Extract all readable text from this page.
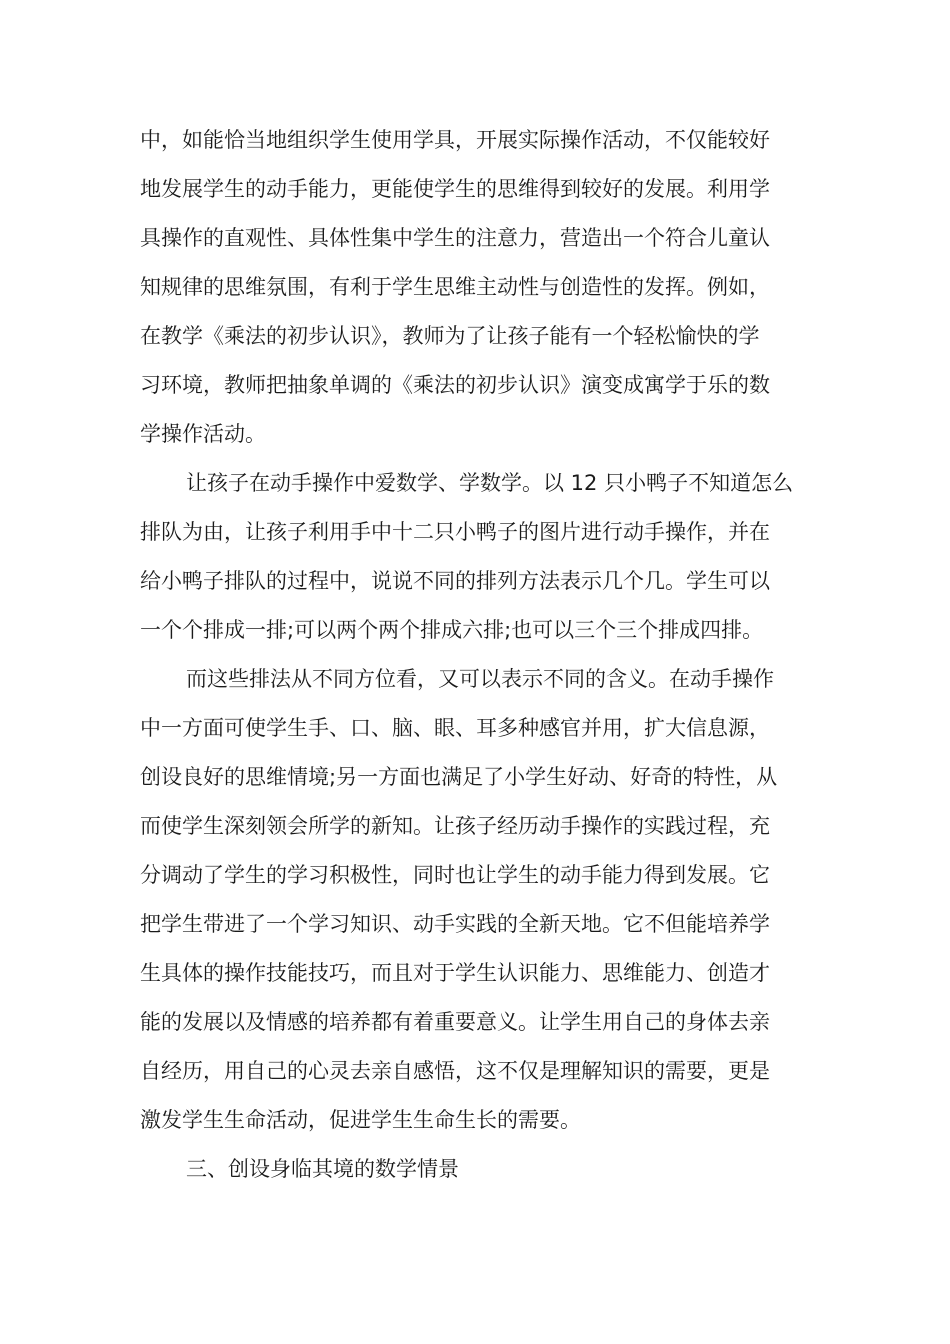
中，如能恰当地组织学生使用学具，开展实际操作活动，不仅能较好
地发展学生的动手能力，更能使学生的思维得到较好的发展。利用学
具操作的直观性、具体性集中学生的注意力，营造出一个符合儿童认
知规律的思维氛围，有利于学生思维主动性与创造性的发挥。例如，
在教学《乘法的初步认识》，教师为了让孩子能有一个轻松愉快的学
习环境，教师把抽象单调的《乘法的初步认识》演变成寓学于乐的数
学操作活动。
让孩子在动手操作中爱数学、学数学。以 12 只小鸭子不知道怎么
排队为由，让孩子利用手中十二只小鸭子的图片进行动手操作，并在
给小鸭子排队的过程中，说说不同的排列方法表示几个几。学生可以
一个个排成一排;可以两个两个排成六排;也可以三个三个排成四排。
而这些排法从不同方位看，又可以表示不同的含义。在动手操作
中一方面可使学生手、口、脑、眼、耳多种感官并用，扩大信息源，
创设良好的思维情境;另一方面也满足了小学生好动、好奇的特性，从
而使学生深刻领会所学的新知。让孩子经历动手操作的实践过程，充
分调动了学生的学习积极性，同时也让学生的动手能力得到发展。它
把学生带进了一个学习知识、动手实践的全新天地。它不但能培养学
生具体的操作技能技巧，而且对于学生认识能力、思维能力、创造才
能的发展以及情感的培养都有着重要意义。让学生用自己的身体去亲
自经历，用自己的心灵去亲自感悟，这不仅是理解知识的需要，更是
激发学生生命活动，促进学生生命生长的需要。
三、创设身临其境的数学情景
